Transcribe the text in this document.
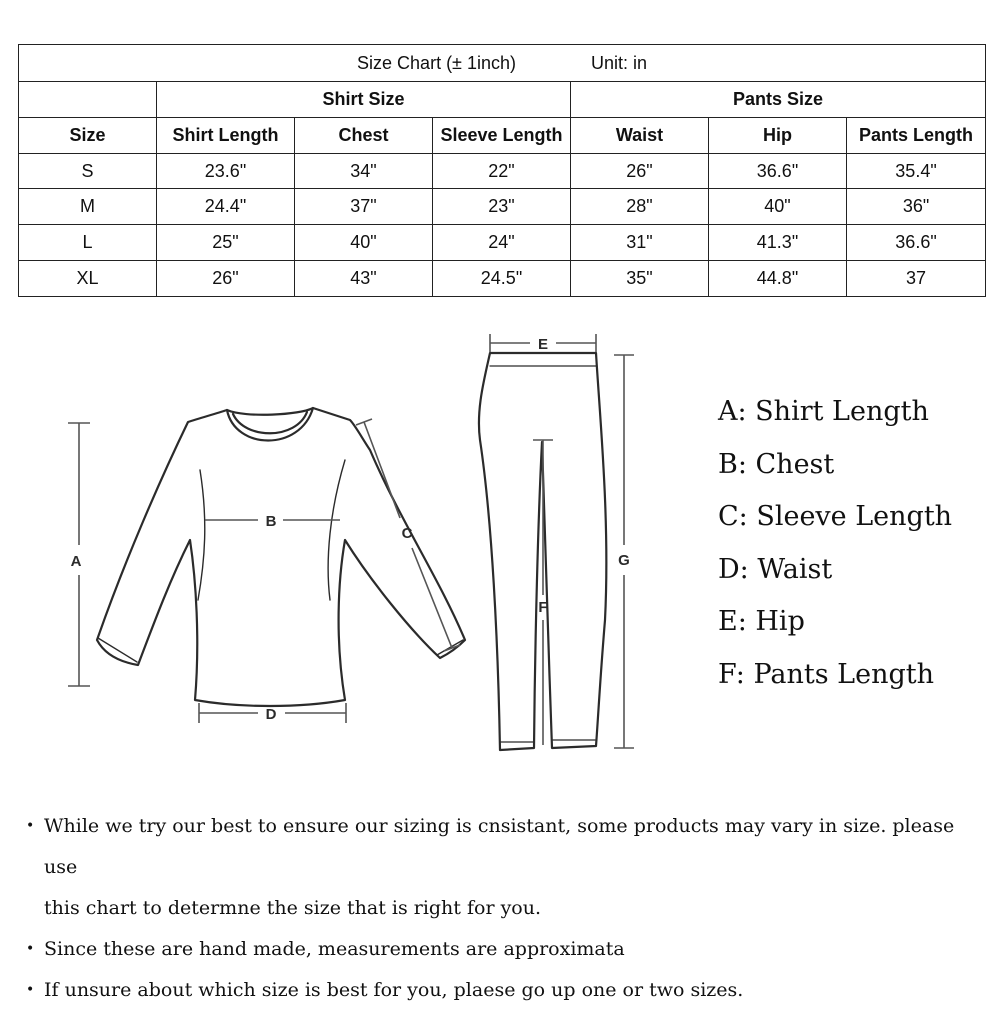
Size Chart (± 1inch) Unit: in						
	Shirt Size			Pants Size		
Size	Shirt Length	Chest	Sleeve Length	Waist	Hip	Pants Length
S	23.6"	34"	22"	26"	36.6"	35.4"
M	24.4"	37"	23"	28"	40"	36"
L	25"	40"	24"	31"	41.3"	36.6"
XL	26"	43"	24.5"	35"	44.8"	37
A
B
C
D
E
F
G
A: Shirt Length
B: Chest
C: Sleeve Length
D: Waist
E: Hip
F: Pants Length
• While we try our best to ensure our sizing is cnsistant, some products may vary in size. please use
this chart to determne the size that is right for you.
• Since these are hand made, measurements are approximata
• If unsure about which size is best for you, plaese go up one or two sizes.
